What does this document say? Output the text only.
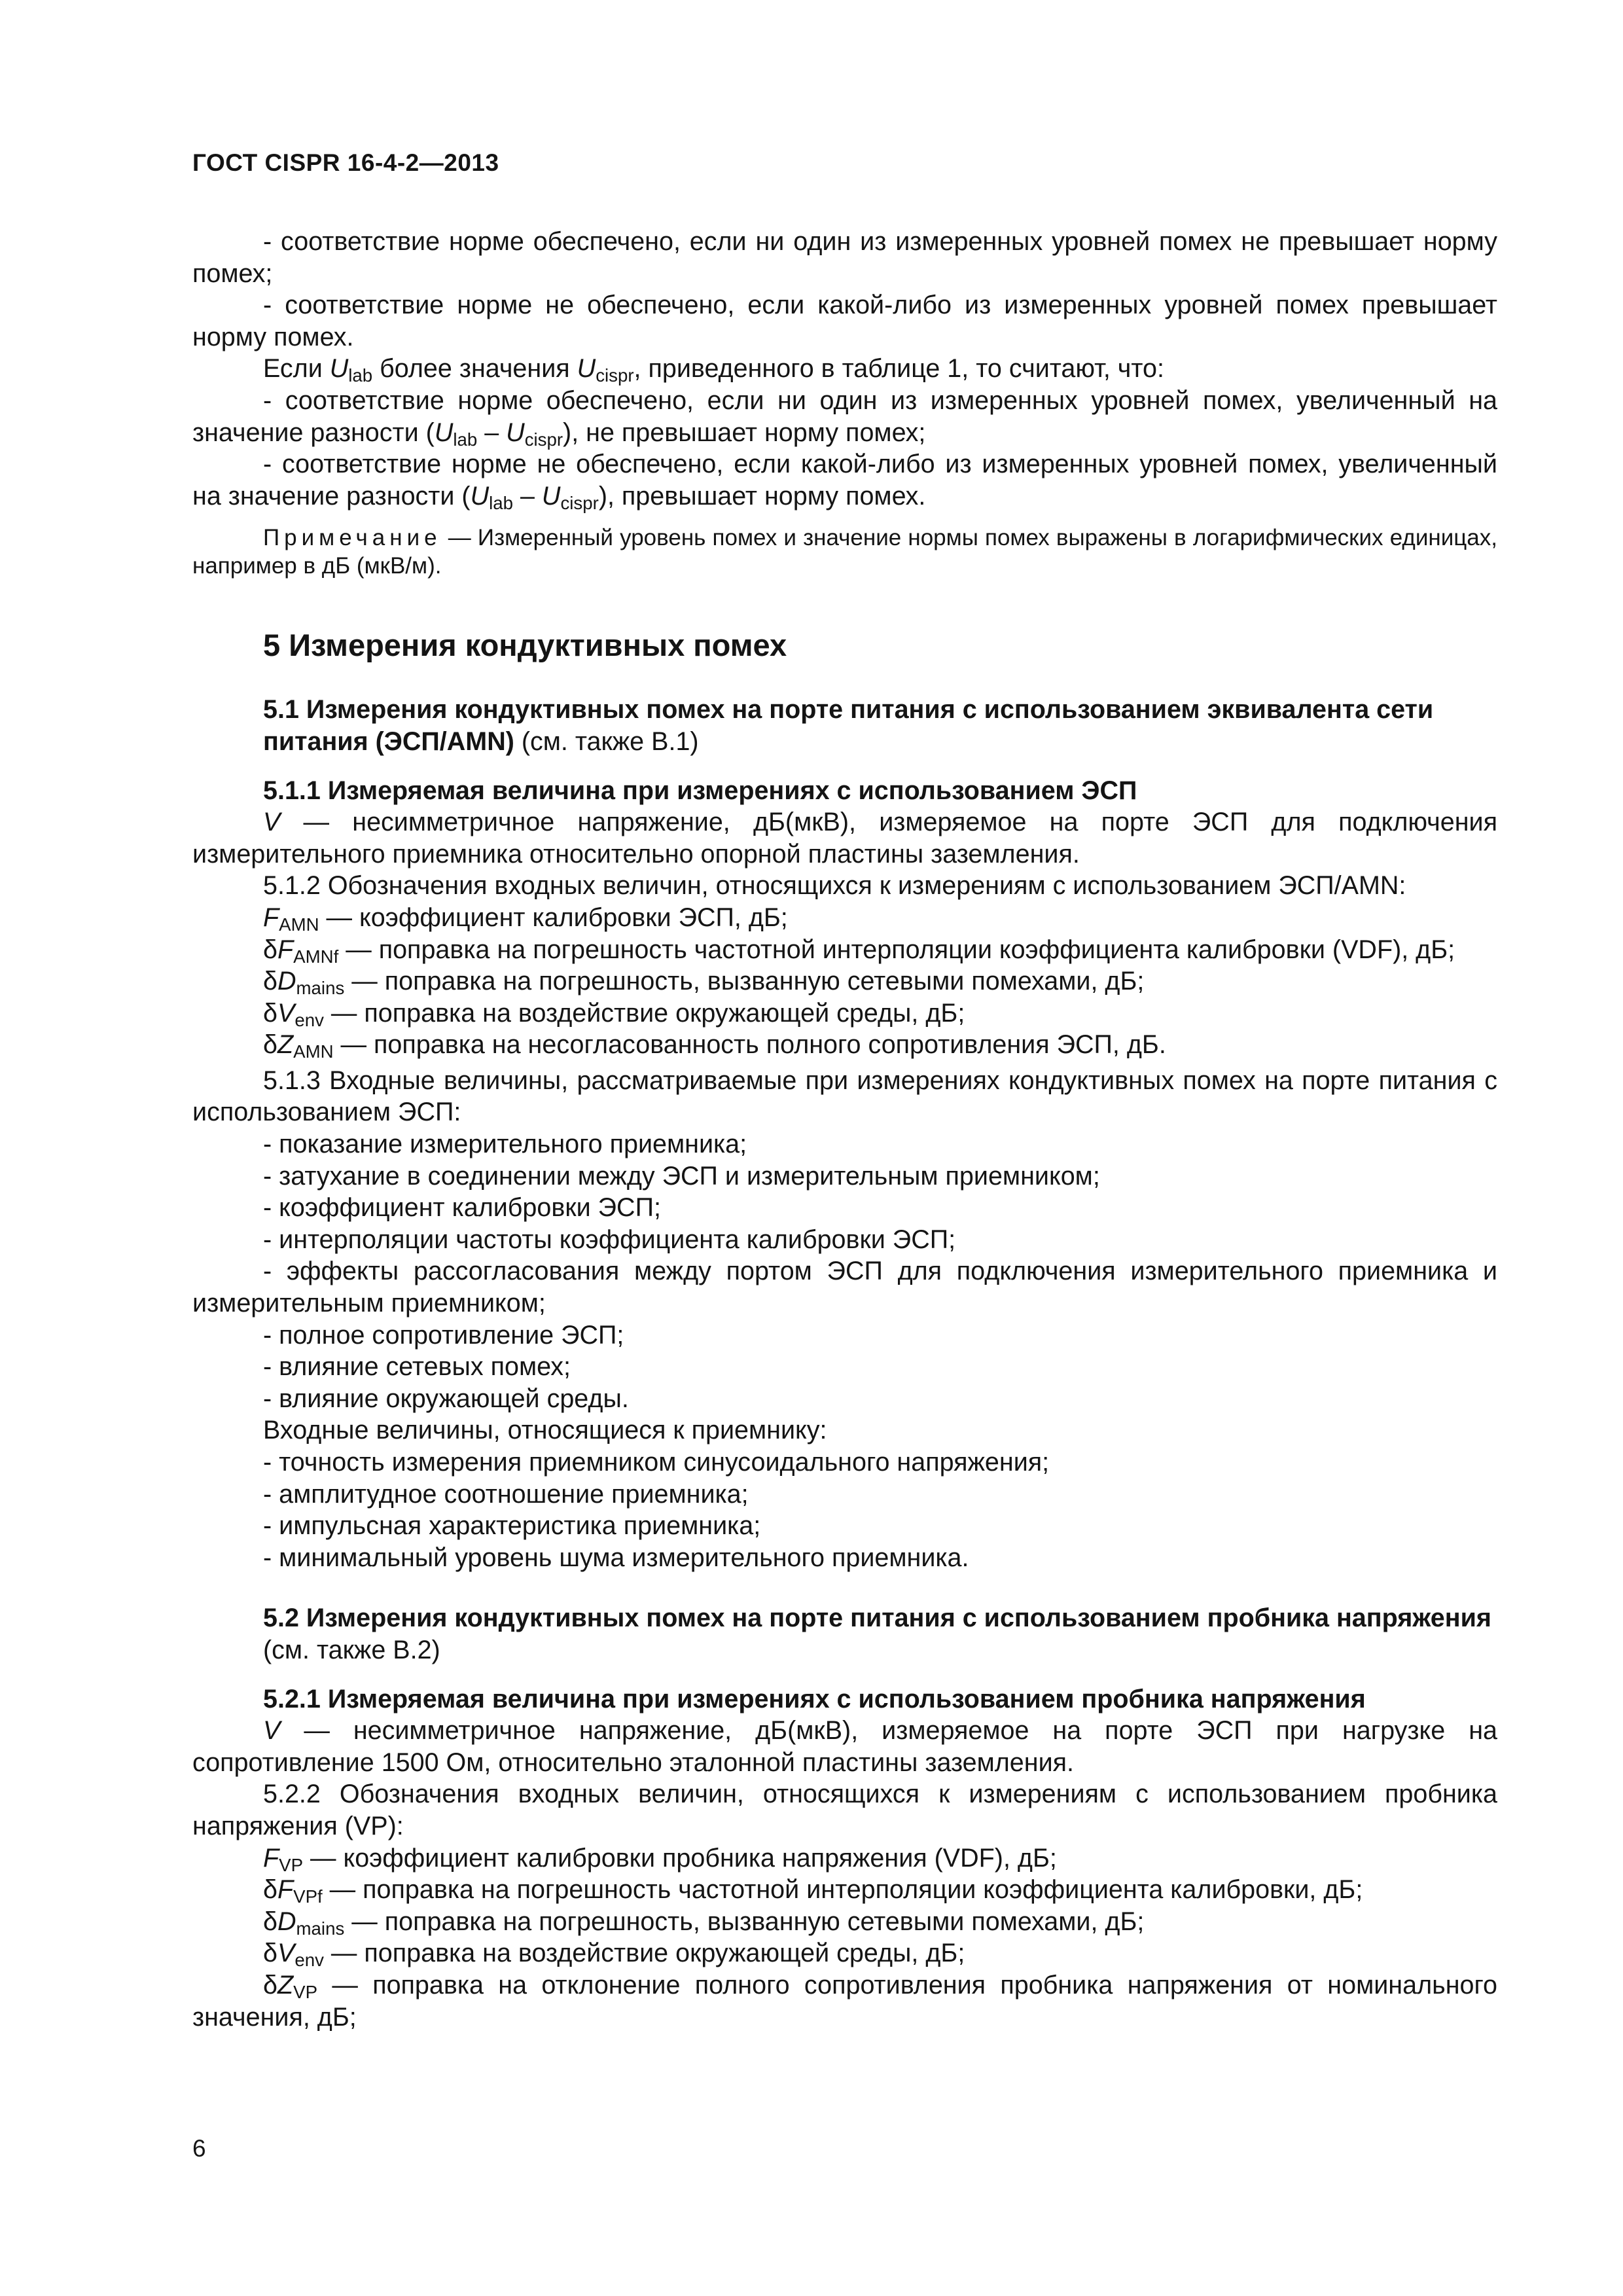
ГОСТ CISPR 16-4-2—2013

- соответствие норме обеспечено, если ни один из измеренных уровней помех не превышает норму помех;

- соответствие норме не обеспечено, если какой-либо из измеренных уровней помех превышает норму помех.

Если $U_{lab}$ более значения $U_{cispr}$, приведенного в таблице 1, то считают, что:

- соответствие норме обеспечено, если ни один из измеренных уровней помех, увеличенный на значение разности $(U_{lab} - U_{cispr})$, не превышает норму помех;

- соответствие норме не обеспечено, если какой-либо из измеренных уровней помех, увеличенный на значение разности $(U_{lab} - U_{cispr})$, превышает норму помех.

Примечание — Измеренный уровень помех и значение нормы помех выражены в логарифмических единицах, например в дБ (мкВ/м).

5 Измерения кондуктивных помех
5.1 Измерения кондуктивных помех на порте питания с использованием эквивалента сети питания (ЭСП/AMN) (см. также В.1)
5.1.1 Измеряемая величина при измерениях с использованием ЭСП

V — несимметричное напряжение, дБ(мкВ), измеряемое на порте ЭСП для подключения измерительного приемника относительно опорной пластины заземления.

5.1.2 Обозначения входных величин, относящихся к измерениям с использованием ЭСП/AMN:

$F_{AMN}$ — коэффициент калибровки ЭСП, дБ;

$\delta F_{AMNf}$ — поправка на погрешность частотной интерполяции коэффициента калибровки (VDF), дБ;

$\delta D_{mains}$ — поправка на погрешность, вызванную сетевыми помехами, дБ;

$\delta V_{env}$ — поправка на воздействие окружающей среды, дБ;

$\delta Z_{AMN}$ — поправка на несогласованность полного сопротивления ЭСП, дБ.

5.1.3 Входные величины, рассматриваемые при измерениях кондуктивных помех на порте питания с использованием ЭСП:

- показание измерительного приемника;

- затухание в соединении между ЭСП и измерительным приемником;

- коэффициент калибровки ЭСП;

- интерполяции частоты коэффициента калибровки ЭСП;

- эффекты рассогласования между портом ЭСП для подключения измерительного приемника и измерительным приемником;

- полное сопротивление ЭСП;

- влияние сетевых помех;

- влияние окружающей среды.

Входные величины, относящиеся к приемнику:

- точность измерения приемником синусоидального напряжения;

- амплитудное соотношение приемника;

- импульсная характеристика приемника;

- минимальный уровень шума измерительного приемника.

5.2 Измерения кондуктивных помех на порте питания с использованием пробника напряжения (см. также В.2)
5.2.1 Измеряемая величина при измерениях с использованием пробника напряжения

V — несимметричное напряжение, дБ(мкВ), измеряемое на порте ЭСП при нагрузке на сопротивление 1500 Ом, относительно эталонной пластины заземления.

5.2.2 Обозначения входных величин, относящихся к измерениям с использованием пробника напряжения (VP):

$F_{VP}$ — коэффициент калибровки пробника напряжения (VDF), дБ;

$\delta F_{VPf}$ — поправка на погрешность частотной интерполяции коэффициента калибровки, дБ;

$\delta D_{mains}$ — поправка на погрешность, вызванную сетевыми помехами, дБ;

$\delta V_{env}$ — поправка на воздействие окружающей среды, дБ;

$\delta Z_{VP}$ — поправка на отклонение полного сопротивления пробника напряжения от номинального значения, дБ;

6
